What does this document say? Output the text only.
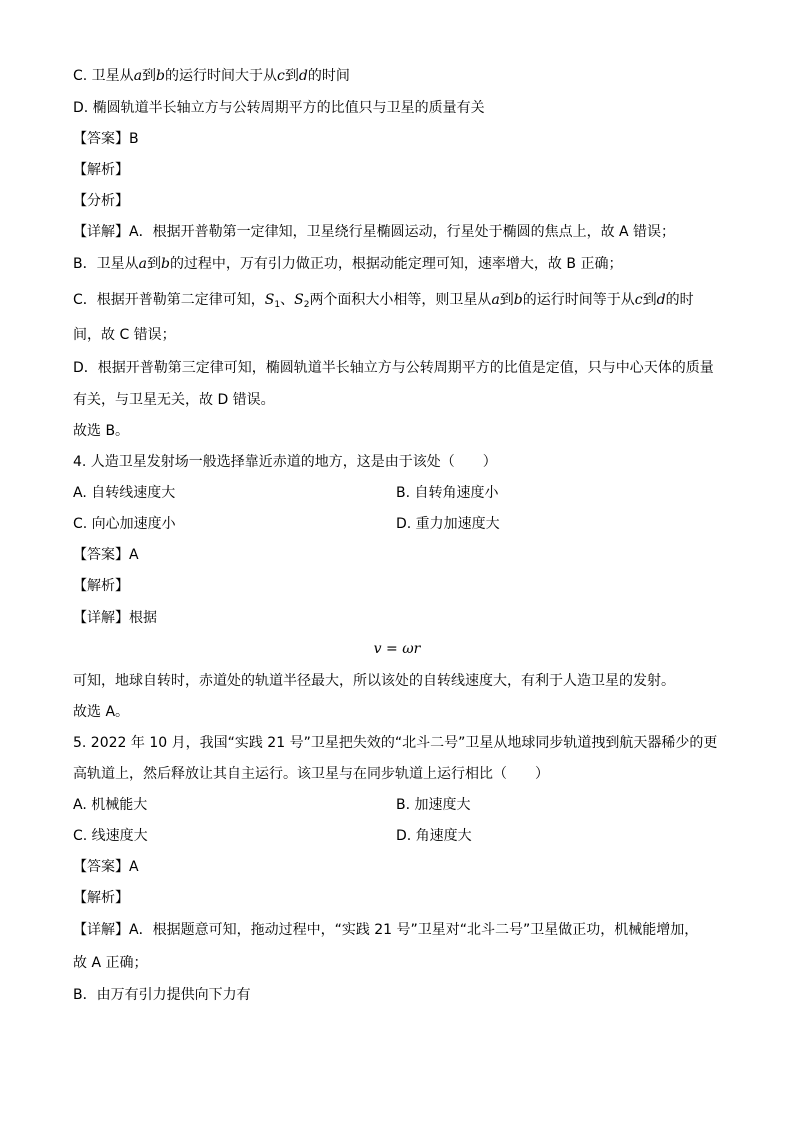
C. 卫星从a到b的运行时间大于从c到d的时间
D. 椭圆轨道半长轴立方与公转周期平方的比值只与卫星的质量有关
【答案】B
【解析】
【分析】
【详解】A．根据开普勒第一定律知，卫星绕行星椭圆运动，行星处于椭圆的焦点上，故 A 错误；
B．卫星从a到b的过程中，万有引力做正功，根据动能定理可知，速率增大，故 B 正确；
C．根据开普勒第二定律可知，$S_1$、$S_2$两个面积大小相等，则卫星从a到b的运行时间等于从c到d的时
间，故 C 错误；
D．根据开普勒第三定律可知，椭圆轨道半长轴立方与公转周期平方的比值是定值，只与中心天体的质量
有关，与卫星无关，故 D 错误。
故选 B。
4. 人造卫星发射场一般选择靠近赤道的地方，这是由于该处（　　）
A. 自转线速度大	B. 自转角速度小
C. 向心加速度小	D. 重力加速度大
【答案】A
【解析】
【详解】根据
v = ωr
可知，地球自转时，赤道处的轨道半径最大，所以该处的自转线速度大，有利于人造卫星的发射。
故选 A。
5. 2022 年 10 月，我国“实践 21 号”卫星把失效的“北斗二号”卫星从地球同步轨道拽到航天器稀少的更
高轨道上，然后释放让其自主运行。该卫星与在同步轨道上运行相比（　　）
A. 机械能大	B. 加速度大
C. 线速度大	D. 角速度大
【答案】A
【解析】
【详解】A．根据题意可知，拖动过程中，“实践 21 号”卫星对“北斗二号”卫星做正功，机械能增加，
故 A 正确；
B．由万有引力提供向下力有
